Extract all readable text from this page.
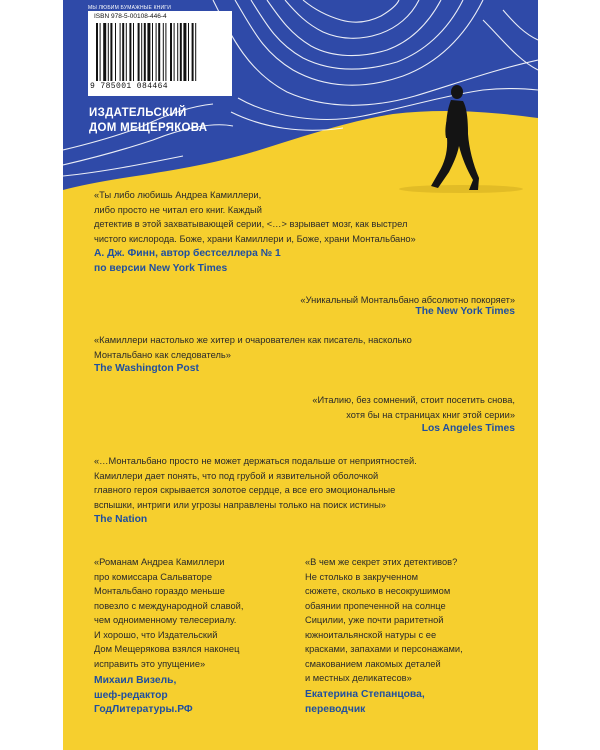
МЫ ЛЮБИМ БУМАЖНЫЕ КНИГИ
ISBN 978-5-00108-446-4
9 785001 084464
ИЗДАТЕЛЬСКИЙ
ДОМ МЕЩЕРЯКОВА
«Ты либо любишь Андреа Камиллери,
либо просто не читал его книг. Каждый
детектив в этой захватывающей серии, <…> взрывает мозг, как выстрел
чистого кислорода. Боже, храни Камиллери и, Боже, храни Монтальбано»
А. Дж. Финн, автор бестселлера № 1
по версии New York Times
«Уникальный Монтальбано абсолютно покоряет»
The New York Times
«Камиллери настолько же хитер и очарователен как писатель, насколько
Монтальбано как следователь»
The Washington Post
«Италию, без сомнений, стоит посетить снова,
хотя бы на страницах книг этой серии»
Los Angeles Times
«…Монтальбано просто не может держаться подальше от неприятностей.
Камиллери дает понять, что под грубой и язвительной оболочкой
главного героя скрывается золотое сердце, а все его эмоциональные
вспышки, интриги или угрозы направлены только на поиск истины»
The Nation
«Романам Андреа Камиллери
про комиссара Сальваторе
Монтальбано гораздо меньше
повезло с международной славой,
чем одноименному телесериалу.
И хорошо, что Издательский
Дом Мещерякова взялся наконец
исправить это упущение»
Михаил Визель,
шеф-редактор
ГодЛитературы.РФ
«В чем же секрет этих детективов?
Не столько в закрученном
сюжете, сколько в несокрушимом
обаянии пропеченной на солнце
Сицилии, уже почти раритетной
южноитальянской натуры с ее
красками, запахами и персонажами,
смакованием лакомых деталей
и местных деликатесов»
Екатерина Степанцова,
переводчик
